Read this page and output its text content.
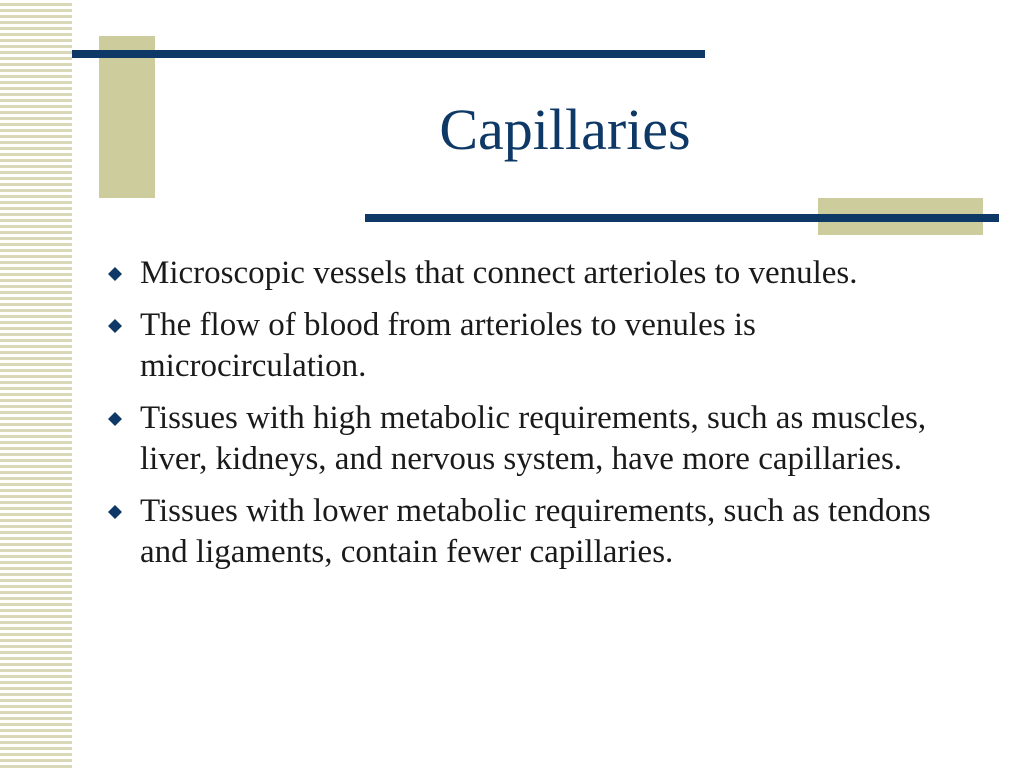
Capillaries
Microscopic vessels that connect arterioles to venules.
The flow of blood from arterioles to venules is microcirculation.
Tissues with high metabolic requirements, such as muscles, liver, kidneys, and nervous system, have more capillaries.
Tissues with lower metabolic requirements, such as tendons and ligaments, contain fewer capillaries.
